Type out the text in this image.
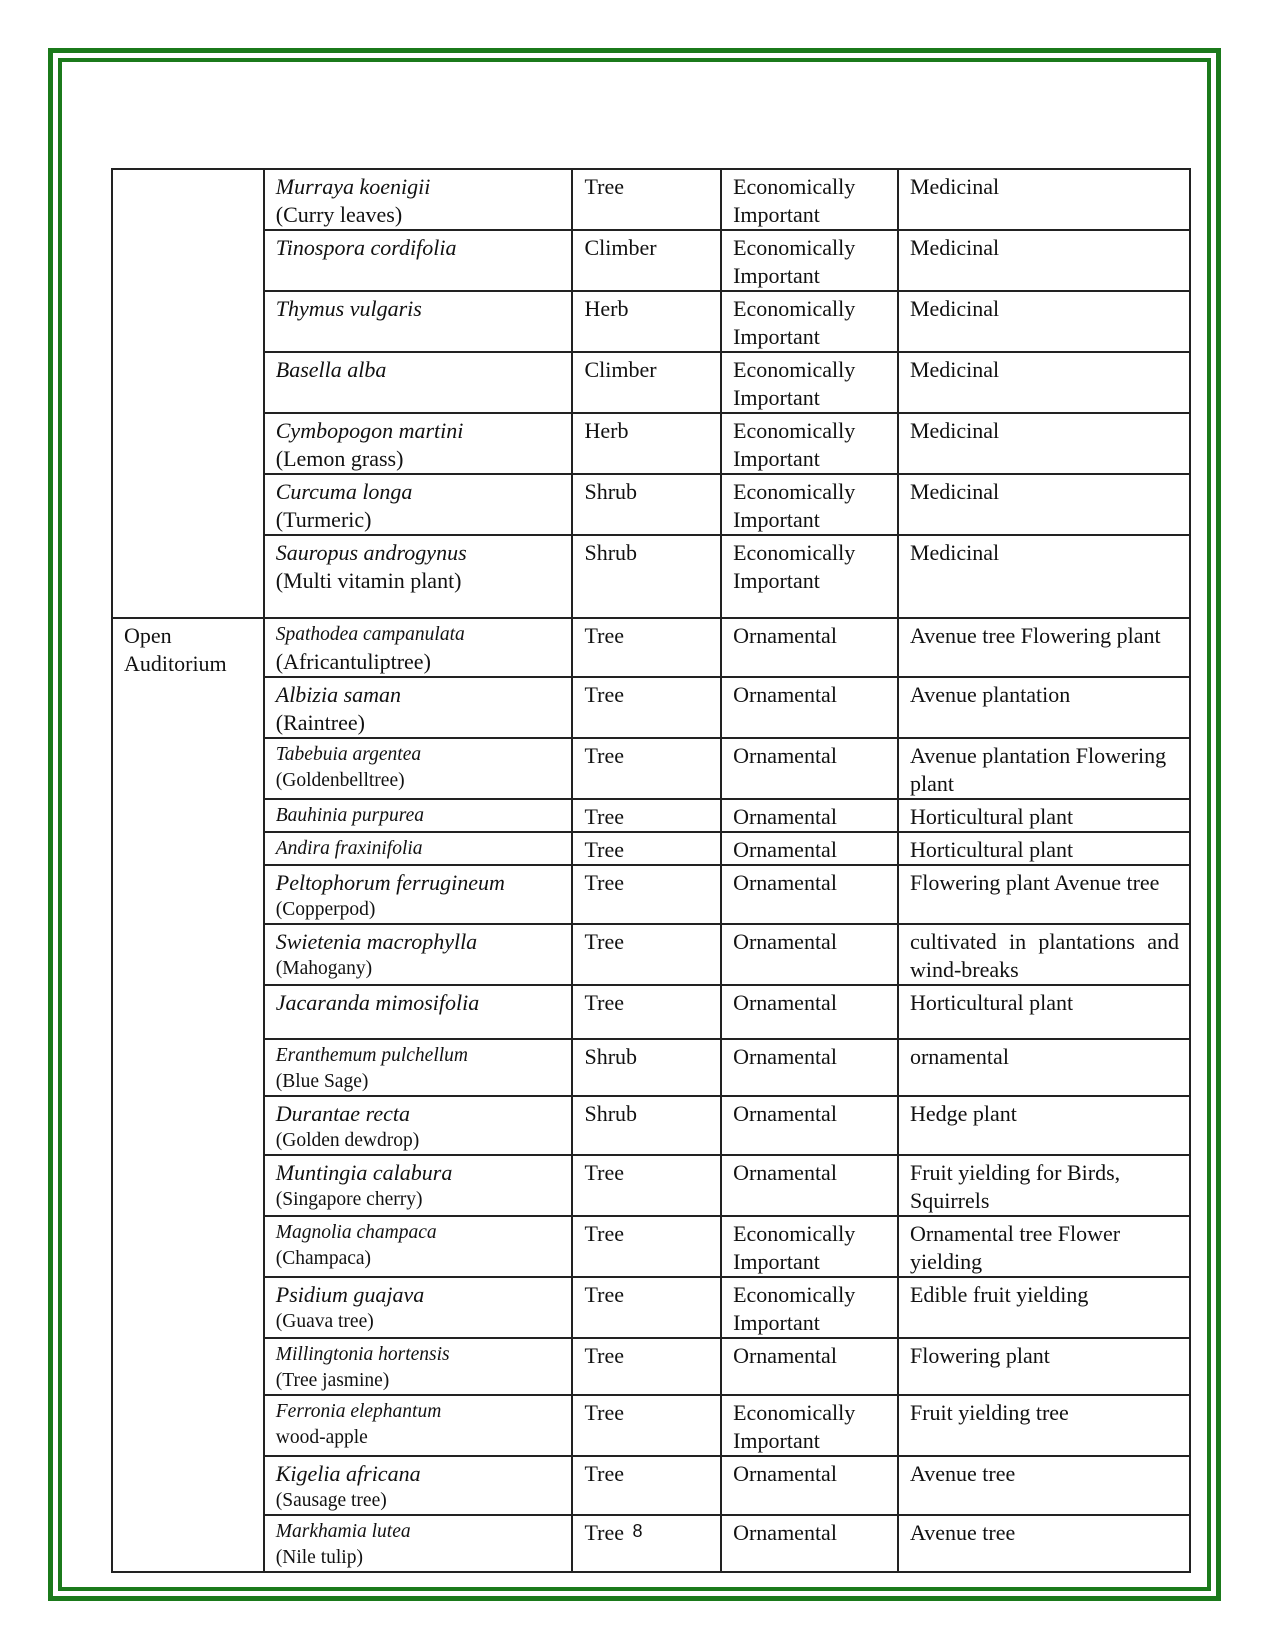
	Murraya koenigii
(Curry leaves)	Tree	Economically Important	Medicinal

	Tinospora cordifolia	Climber	Economically Important	Medicinal

	Thymus vulgaris	Herb	Economically Important	Medicinal

	Basella alba	Climber	Economically Important	Medicinal

	Cymbopogon martini
(Lemon grass)	Herb	Economically Important	Medicinal

	Curcuma longa
(Turmeric)	Shrub	Economically Important	Medicinal

	Sauropus androgynus
(Multi vitamin plant)	Shrub	Economically Important	Medicinal
Open Auditorium	Spathodea campanulata
(Africantuliptree)	Tree	Ornamental	Avenue tree Flowering plant

	Albizia saman
(Raintree)	Tree	Ornamental	Avenue plantation

	Tabebuia argentea
(Goldenbelltree)	Tree	Ornamental	Avenue plantation Flowering plant

	Bauhinia purpurea	Tree	Ornamental	Horticultural plant

	Andira fraxinifolia	Tree	Ornamental	Horticultural plant

	Peltophorum ferrugineum
(Copperpod)	Tree	Ornamental	Flowering plant Avenue tree

	Swietenia macrophylla
(Mahogany)	Tree	Ornamental	cultivated in plantations and wind-breaks

	Jacaranda mimosifolia	Tree	Ornamental	Horticultural plant

	Eranthemum pulchellum
(Blue Sage)	Shrub	Ornamental	ornamental

	Durantae recta
(Golden dewdrop)	Shrub	Ornamental	Hedge plant

	Muntingia calabura
(Singapore cherry)	Tree	Ornamental	Fruit yielding for Birds, Squirrels

	Magnolia champaca
(Champaca)	Tree	Economically Important	Ornamental tree Flower yielding

	Psidium guajava
(Guava tree)	Tree	Economically Important	Edible fruit yielding

	Millingtonia hortensis
(Tree jasmine)	Tree	Ornamental	Flowering plant

	Ferronia elephantum
wood-apple	Tree	Economically Important	Fruit yielding tree

	Kigelia africana
(Sausage tree)	Tree	Ornamental	Avenue tree

	Markhamia lutea
(Nile tulip)	Tree	Ornamental	Avenue tree
8
